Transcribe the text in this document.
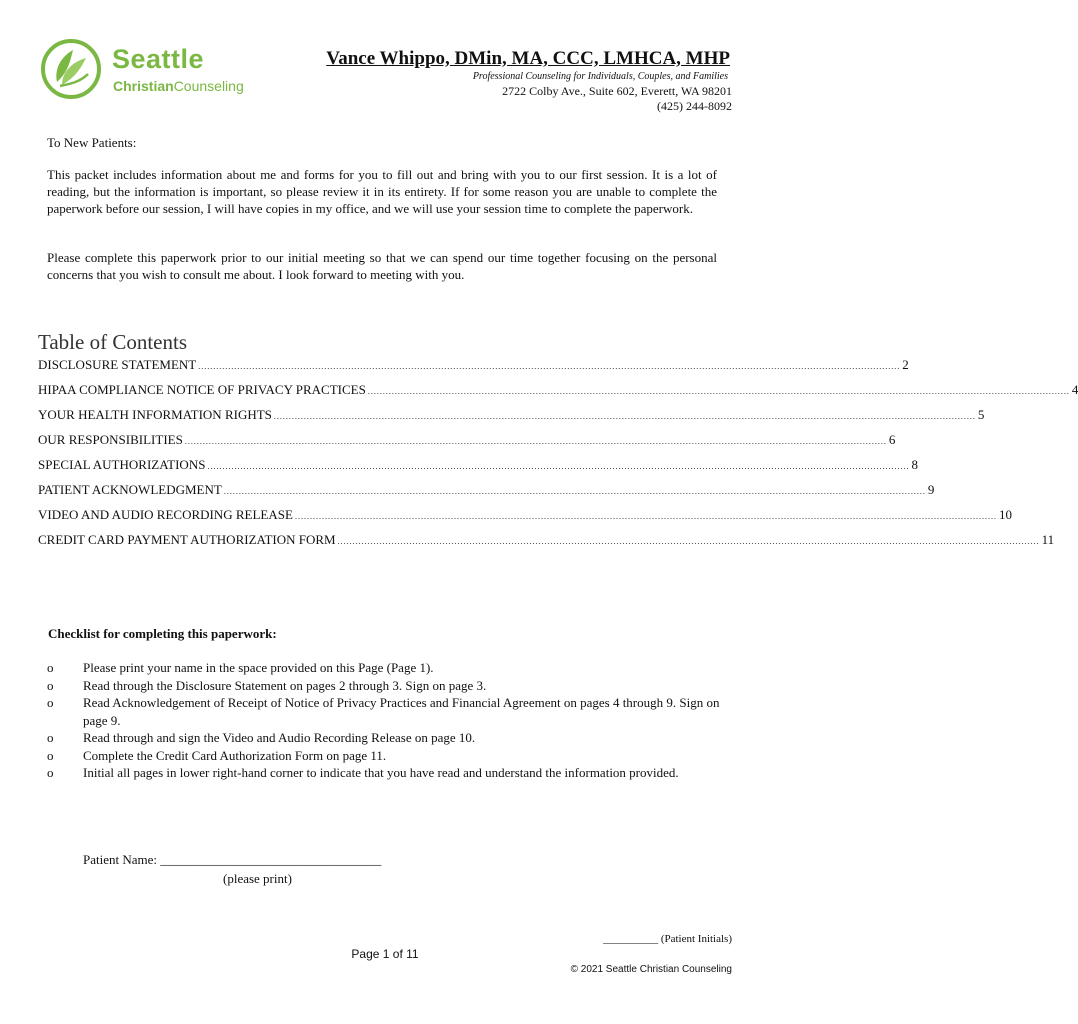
Seattle
ChristianCounseling
Vance Whippo, DMin, MA, CCC, LMHCA, MHP
Professional Counseling for Individuals, Couples, and Families
2722 Colby Ave., Suite 602, Everett, WA 98201
(425) 244-8092
To New Patients:
This packet includes information about me and forms for you to fill out and bring with you to our first session. It is a lot of reading, but the information is important, so please review it in its entirety. If for some reason you are unable to complete the paperwork before our session, I will have copies in my office, and we will use your session time to complete the paperwork.
Please complete this paperwork prior to our initial meeting so that we can spend our time together focusing on the personal concerns that you wish to consult me about. I look forward to meeting with you.
Table of Contents
DISCLOSURE STATEMENT .......................................................................................................................................................................................................................................... 2
HIPAA COMPLIANCE NOTICE OF PRIVACY PRACTICES .......................................................................................................................................................................................................................................... 4
YOUR HEALTH INFORMATION RIGHTS .......................................................................................................................................................................................................................................... 5
OUR RESPONSIBILITIES .......................................................................................................................................................................................................................................... 6
SPECIAL AUTHORIZATIONS .......................................................................................................................................................................................................................................... 8
PATIENT ACKNOWLEDGMENT .......................................................................................................................................................................................................................................... 9
VIDEO AND AUDIO RECORDING RELEASE .......................................................................................................................................................................................................................................... 10
CREDIT CARD PAYMENT AUTHORIZATION FORM .......................................................................................................................................................................................................................................... 11
Checklist for completing this paperwork:
o	Please print your name in the space provided on this Page (Page 1).
o	Read through the Disclosure Statement on pages 2 through 3. Sign on page 3.
o	Read Acknowledgement of Receipt of Notice of Privacy Practices and Financial Agreement on pages 4 through 9. Sign on page 9.
o	Read through and sign the Video and Audio Recording Release on page 10.
o	Complete the Credit Card Authorization Form on page 11.
o	Initial all pages in lower right-hand corner to indicate that you have read and understand the information provided.
Patient Name: __________________________________
(please print)
__________ (Patient Initials)
Page 1 of 11
© 2021 Seattle Christian Counseling
